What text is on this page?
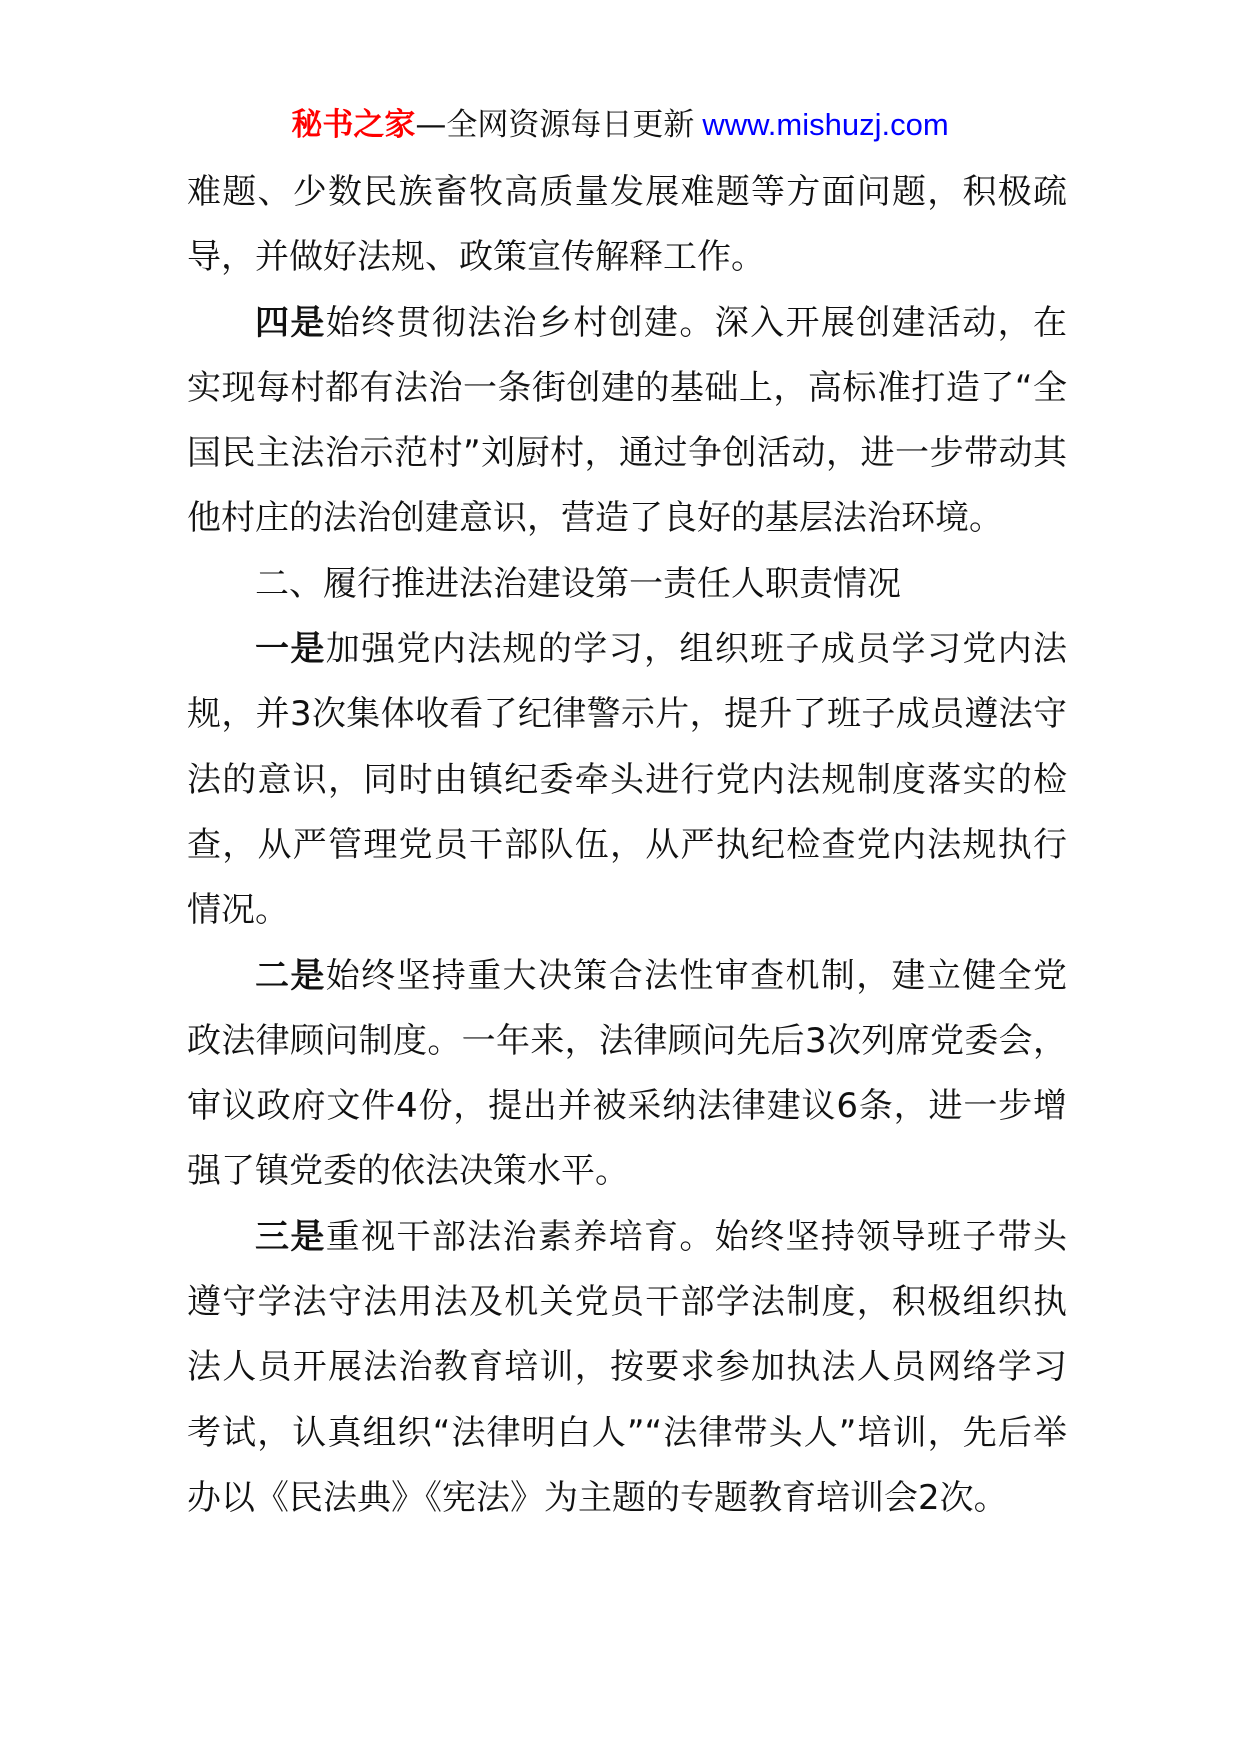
秘书之家—全网资源每日更新 www.mishuzj.com

难题、少数民族畜牧高质量发展难题等方面问题，积极疏导，并做好法规、政策宣传解释工作。

四是始终贯彻法治乡村创建。深入开展创建活动，在实现每村都有法治一条街创建的基础上，高标准打造了“全国民主法治示范村”刘厨村，通过争创活动，进一步带动其他村庄的法治创建意识，营造了良好的基层法治环境。

二、履行推进法治建设第一责任人职责情况

一是加强党内法规的学习，组织班子成员学习党内法规，并3次集体收看了纪律警示片，提升了班子成员遵法守法的意识，同时由镇纪委牵头进行党内法规制度落实的检查，从严管理党员干部队伍，从严执纪检查党内法规执行情况。

二是始终坚持重大决策合法性审查机制，建立健全党政法律顾问制度。一年来，法律顾问先后3次列席党委会，审议政府文件4份，提出并被采纳法律建议6条，进一步增强了镇党委的依法决策水平。

三是重视干部法治素养培育。始终坚持领导班子带头遵守学法守法用法及机关党员干部学法制度，积极组织执法人员开展法治教育培训，按要求参加执法人员网络学习考试，认真组织“法律明白人”“法律带头人”培训，先后举办以《民法典》《宪法》为主题的专题教育培训会2次。
